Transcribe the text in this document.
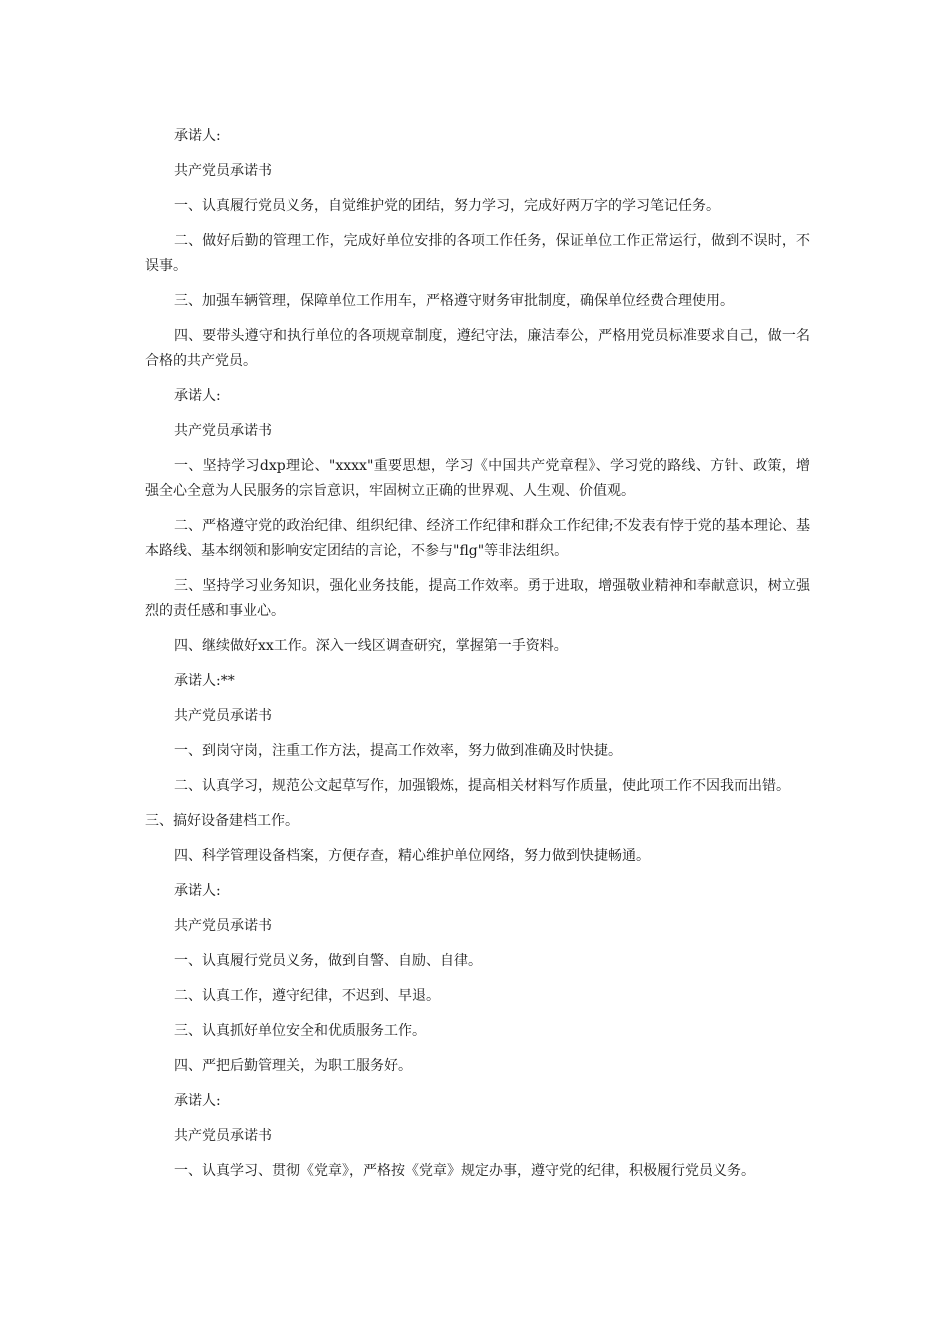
承诺人:

共产党员承诺书

一、认真履行党员义务，自觉维护党的团结，努力学习，完成好两万字的学习笔记任务。

二、做好后勤的管理工作，完成好单位安排的各项工作任务，保证单位工作正常运行，做到不误时，不误事。

三、加强车辆管理，保障单位工作用车，严格遵守财务审批制度，确保单位经费合理使用。

四、要带头遵守和执行单位的各项规章制度，遵纪守法，廉洁奉公，严格用党员标准要求自己，做一名合格的共产党员。

承诺人:

共产党员承诺书

一、坚持学习dxp理论、"xxxx"重要思想，学习《中国共产党章程》、学习党的路线、方针、政策，增强全心全意为人民服务的宗旨意识，牢固树立正确的世界观、人生观、价值观。

二、严格遵守党的政治纪律、组织纪律、经济工作纪律和群众工作纪律;不发表有悖于党的基本理论、基本路线、基本纲领和影响安定团结的言论，不参与"flg"等非法组织。

三、坚持学习业务知识，强化业务技能，提高工作效率。勇于进取，增强敬业精神和奉献意识，树立强烈的责任感和事业心。

四、继续做好xx工作。深入一线区调查研究，掌握第一手资料。

承诺人:**

共产党员承诺书

一、到岗守岗，注重工作方法，提高工作效率，努力做到准确及时快捷。

二、认真学习，规范公文起草写作，加强锻炼，提高相关材料写作质量，使此项工作不因我而出错。

三、搞好设备建档工作。

四、科学管理设备档案，方便存查，精心维护单位网络，努力做到快捷畅通。

承诺人:

共产党员承诺书

一、认真履行党员义务，做到自警、自励、自律。

二、认真工作，遵守纪律，不迟到、早退。

三、认真抓好单位安全和优质服务工作。

四、严把后勤管理关，为职工服务好。

承诺人:

共产党员承诺书

一、认真学习、贯彻《党章》，严格按《党章》规定办事，遵守党的纪律，积极履行党员义务。
